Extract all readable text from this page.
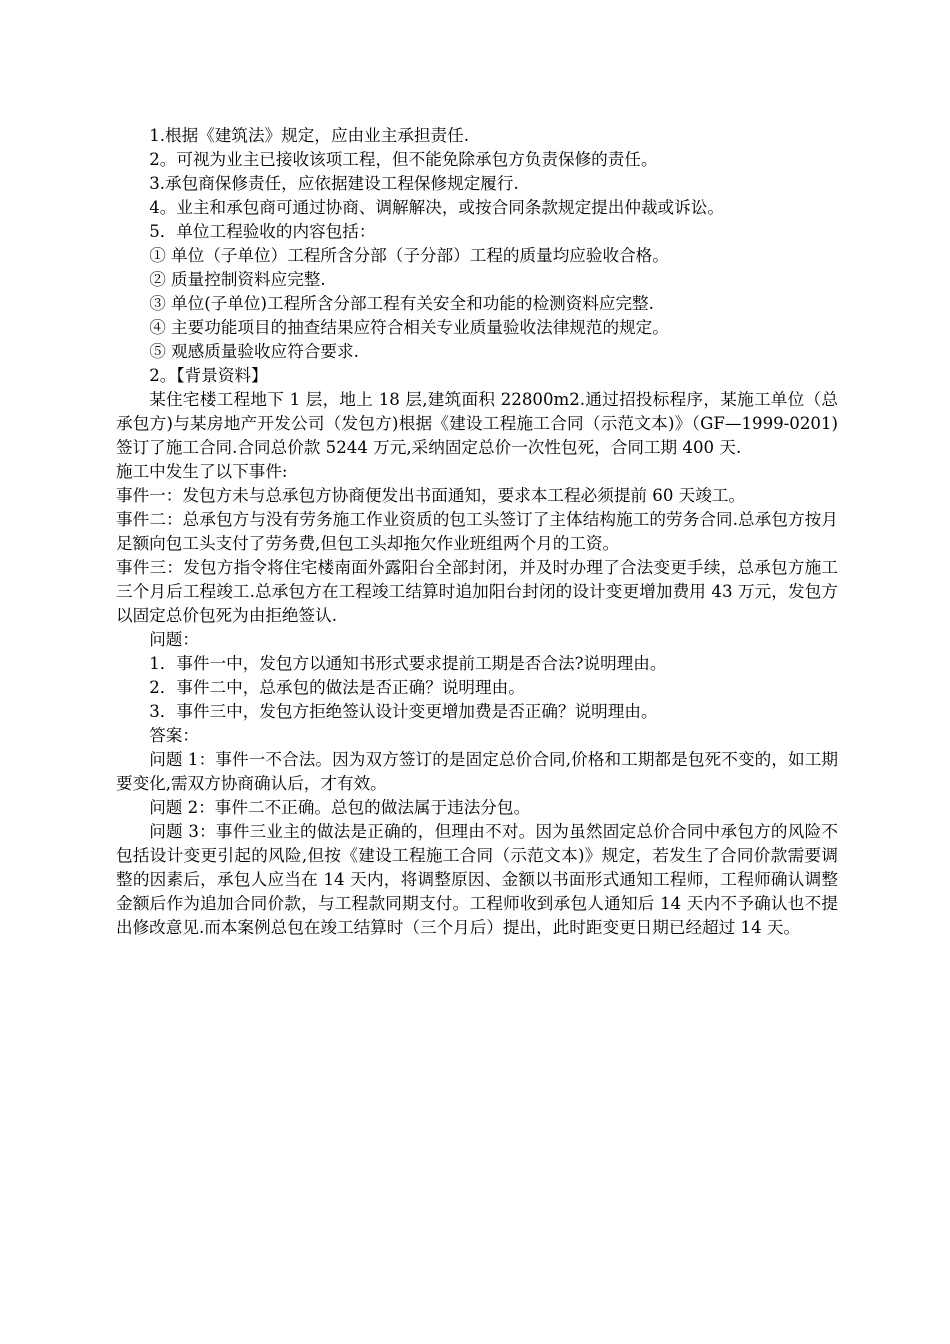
1.根据《建筑法》规定，应由业主承担责任.

2。可视为业主已接收该项工程，但不能免除承包方负责保修的责任。

3.承包商保修责任，应依据建设工程保修规定履行.

4。业主和承包商可通过协商、调解解决，或按合同条款规定提出仲裁或诉讼。

5．单位工程验收的内容包括：

① 单位（子单位）工程所含分部（子分部）工程的质量均应验收合格。

② 质量控制资料应完整.

③ 单位(子单位)工程所含分部工程有关安全和功能的检测资料应完整.

④ 主要功能项目的抽查结果应符合相关专业质量验收法律规范的规定。

⑤ 观感质量验收应符合要求.

2。【背景资料】

某住宅楼工程地下 1 层，地上 18 层,建筑面积 22800m2.通过招投标程序，某施工单位（总承包方)与某房地产开发公司（发包方)根据《建设工程施工合同（示范文本)》（GF—1999-0201)签订了施工合同.合同总价款 5244 万元,采纳固定总价一次性包死，合同工期 400 天.

施工中发生了以下事件:

事件一：发包方未与总承包方协商便发出书面通知，要求本工程必须提前 60 天竣工。

事件二：总承包方与没有劳务施工作业资质的包工头签订了主体结构施工的劳务合同.总承包方按月足额向包工头支付了劳务费,但包工头却拖欠作业班组两个月的工资。

事件三：发包方指令将住宅楼南面外露阳台全部封闭，并及时办理了合法变更手续，总承包方施工三个月后工程竣工.总承包方在工程竣工结算时追加阳台封闭的设计变更增加费用 43 万元，发包方以固定总价包死为由拒绝签认.

问题：

1．事件一中，发包方以通知书形式要求提前工期是否合法?说明理由。

2．事件二中，总承包的做法是否正确？说明理由。

3．事件三中，发包方拒绝签认设计变更增加费是否正确？说明理由。

答案：

问题 1：事件一不合法。因为双方签订的是固定总价合同,价格和工期都是包死不变的，如工期要变化,需双方协商确认后，才有效。

问题 2：事件二不正确。总包的做法属于违法分包。

问题 3：事件三业主的做法是正确的，但理由不对。因为虽然固定总价合同中承包方的风险不包括设计变更引起的风险,但按《建设工程施工合同（示范文本)》规定，若发生了合同价款需要调整的因素后，承包人应当在 14 天内，将调整原因、金额以书面形式通知工程师，工程师确认调整金额后作为追加合同价款，与工程款同期支付。工程师收到承包人通知后 14 天内不予确认也不提出修改意见.而本案例总包在竣工结算时（三个月后）提出，此时距变更日期已经超过 14 天。
